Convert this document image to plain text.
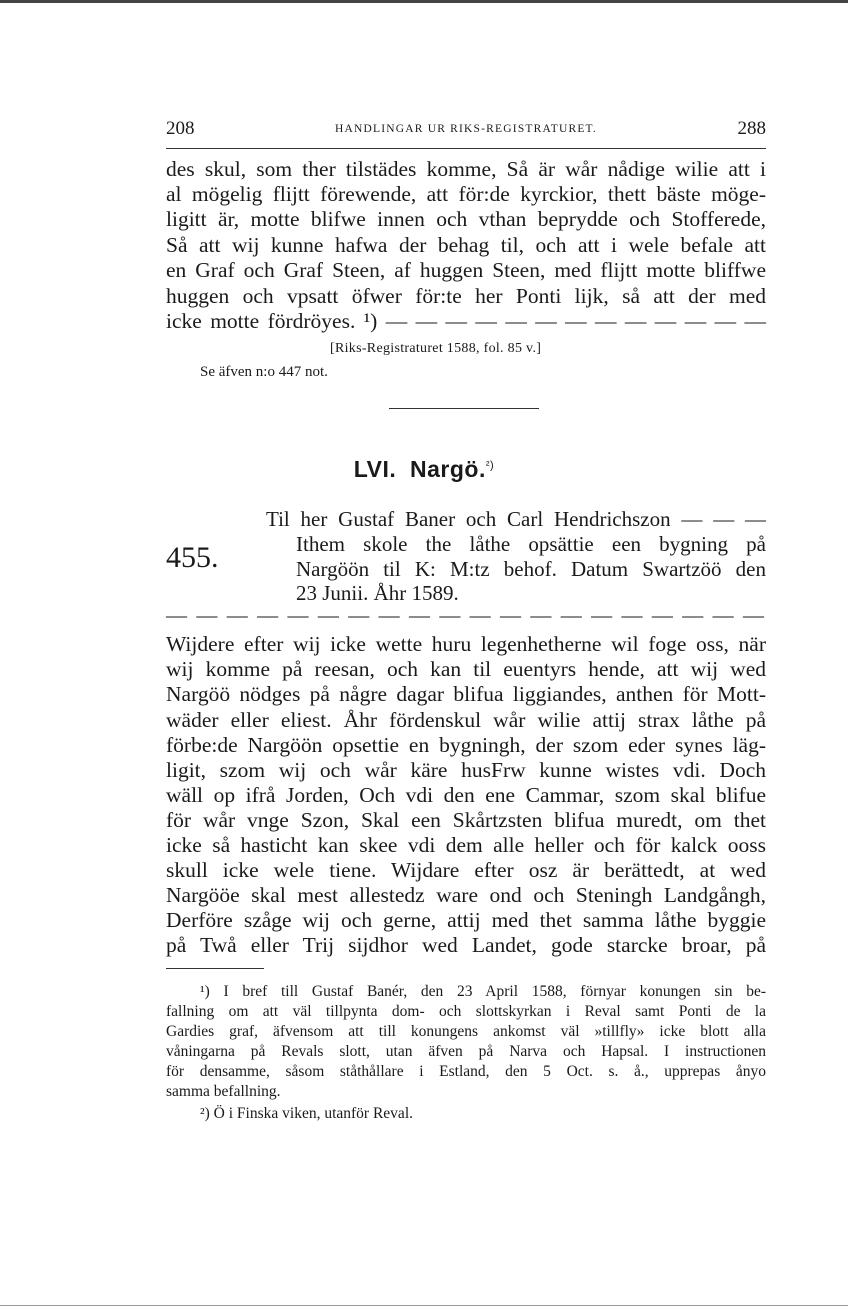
208	HANDLINGAR UR RIKS-REGISTRATURET.	288
des skul, som ther tilstädes komme, Så är wår nådige wilie att i
al mögelig flijtt förewende, att för:de kyrckior, thett bäste möge-
ligitt är, motte blifwe innen och vthan beprydde och Stofferede,
Så att wij kunne hafwa der behag til, och att i wele befale att
en Graf och Graf Steen, af huggen Steen, med flijtt motte bliffwe
huggen och vpsatt öfwer för:te her Ponti lijk, så att der med
icke motte fördröyes. ¹) — — — — — — — — — — — — —
[Riks-Registraturet 1588, fol. 85 v.]
Se äfven n:o 447 not.
LVI. Nargö.$^{^2)}$
455.
Til her Gustaf Baner och Carl Hendrichszon — — —
Ithem skole the låthe opsättie een bygning på
Nargöön til K: M:tz behof. Datum Swartzöö den
23 Junii. Åhr 1589.
— — — — — — — — — — — — — — — — — — — —
Wijdere efter wij icke wette huru legenhetherne wil foge oss, när
wij komme på reesan, och kan til euentyrs hende, att wij wed
Nargöö nödges på någre dagar blifua liggiandes, anthen för Mott-
wäder eller eliest. Åhr fördenskul wår wilie attij strax låthe på
förbe:de Nargöön opsettie en bygningh, der szom eder synes läg-
ligit, szom wij och wår käre husFrw kunne wistes vdi. Doch
wäll op ifrå Jorden, Och vdi den ene Cammar, szom skal blifue
för wår vnge Szon, Skal een Skårtzsten blifua muredt, om thet
icke så hasticht kan skee vdi dem alle heller och för kalck ooss
skull icke wele tiene. Wijdare efter osz är berättedt, at wed
Nargööe skal mest allestedz ware ond och Steningh Landgångh,
Derföre szåge wij och gerne, attij med thet samma låthe byggie
på Twå eller Trij sijdhor wed Landet, gode starcke broar, på
¹) I bref till Gustaf Banér, den 23 April 1588, förnyar konungen sin be-
fallning om att väl tillpynta dom- och slottskyrkan i Reval samt Ponti de la
Gardies graf, äfvensom att till konungens ankomst väl »tillfly» icke blott alla
våningarna på Revals slott, utan äfven på Narva och Hapsal. I instructionen
för densamme, såsom ståthållare i Estland, den 5 Oct. s. å., upprepas ånyo
samma befallning.
²) Ö i Finska viken, utanför Reval.
